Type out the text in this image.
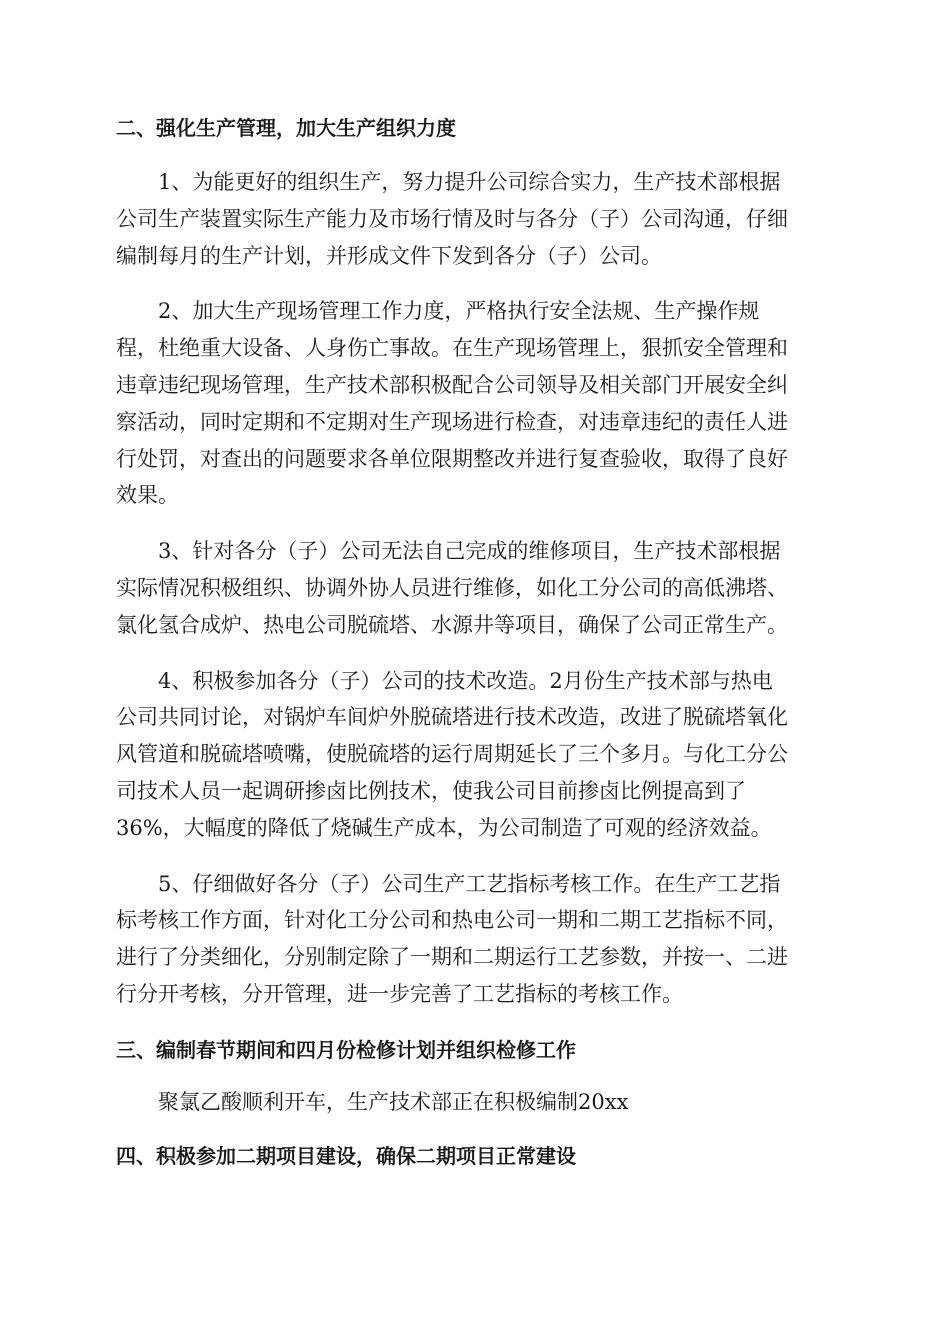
二、强化生产管理，加大生产组织力度

1、为能更好的组织生产，努力提升公司综合实力，生产技术部根据
公司生产装置实际生产能力及市场行情及时与各分（子）公司沟通，仔细
编制每月的生产计划，并形成文件下发到各分（子）公司。

2、加大生产现场管理工作力度，严格执行安全法规、生产操作规
程，杜绝重大设备、人身伤亡事故。在生产现场管理上，狠抓安全管理和
违章违纪现场管理，生产技术部积极配合公司领导及相关部门开展安全纠
察活动，同时定期和不定期对生产现场进行检查，对违章违纪的责任人进
行处罚，对查出的问题要求各单位限期整改并进行复查验收，取得了良好
效果。

3、针对各分（子）公司无法自己完成的维修项目，生产技术部根据
实际情况积极组织、协调外协人员进行维修，如化工分公司的高低沸塔、
氯化氢合成炉、热电公司脱硫塔、水源井等项目，确保了公司正常生产。

4、积极参加各分（子）公司的技术改造。2月份生产技术部与热电
公司共同讨论，对锅炉车间炉外脱硫塔进行技术改造，改进了脱硫塔氧化
风管道和脱硫塔喷嘴，使脱硫塔的运行周期延长了三个多月。与化工分公
司技术人员一起调研掺卤比例技术，使我公司目前掺卤比例提高到了
36%，大幅度的降低了烧碱生产成本，为公司制造了可观的经济效益。

5、仔细做好各分（子）公司生产工艺指标考核工作。在生产工艺指
标考核工作方面，针对化工分公司和热电公司一期和二期工艺指标不同，
进行了分类细化，分别制定除了一期和二期运行工艺参数，并按一、二进
行分开考核，分开管理，进一步完善了工艺指标的考核工作。

三、编制春节期间和四月份检修计划并组织检修工作

聚氯乙酸顺利开车，生产技术部正在积极编制20xx

四、积极参加二期项目建设，确保二期项目正常建设
